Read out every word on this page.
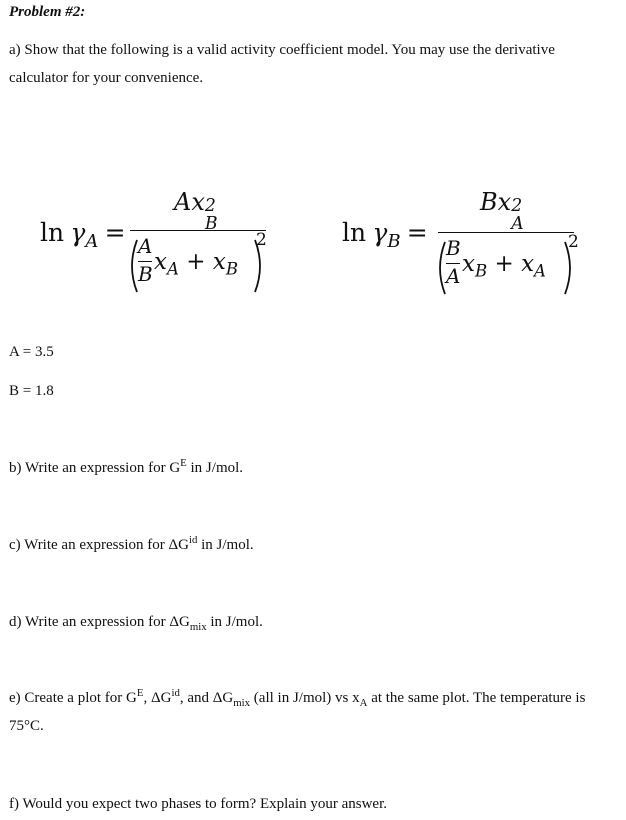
Problem #2:
a) Show that the following is a valid activity coefficient model. You may use the derivative
calculator for your convenience.
$\ln \gamma_A$ =
Ax 2
B
A
B $x_A + x_B$
2	$\ln \gamma_B$ =
Bx 2
A
B
A $x_B + x_A$
2
A = 3.5
B = 1.8
b) Write an expression for $G^E$ in J/mol.
c) Write an expression for $\Delta G^{id}$ in J/mol.
d) Write an expression for $\Delta G_{mix}$ in J/mol.
e) Create a plot for $G^E$, $\Delta G^{id}$, and $\Delta G_{mix}$ (all in J/mol) vs $x_A$ at the same plot. The temperature is
75°C.
f) Would you expect two phases to form? Explain your answer.
